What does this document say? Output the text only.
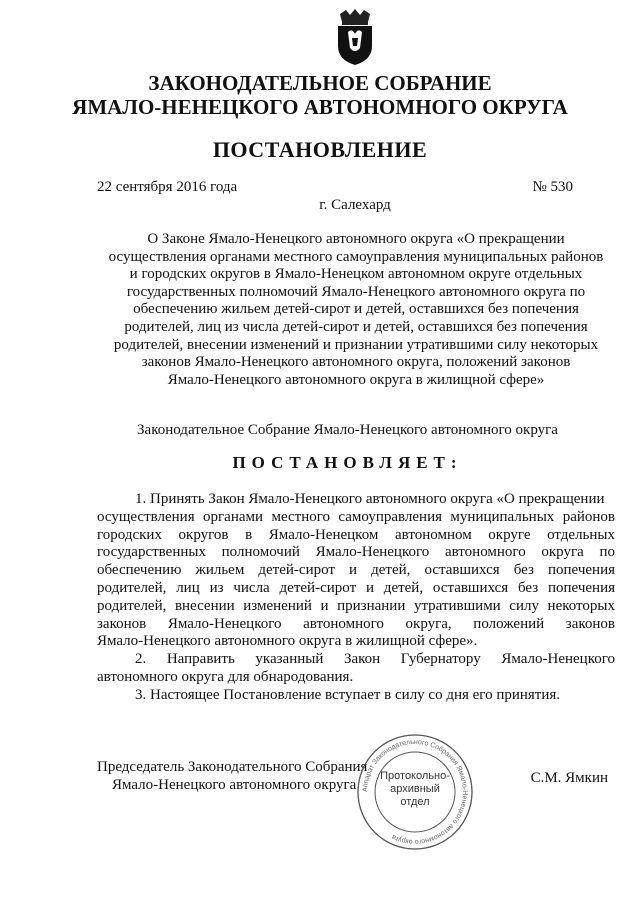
ЗАКОНОДАТЕЛЬНОЕ СОБРАНИЕ
ЯМАЛО-НЕНЕЦКОГО АВТОНОМНОГО ОКРУГА
ПОСТАНОВЛЕНИЕ
22 сентября 2016 года	№ 530
г. Салехард
О Законе Ямало-Ненецкого автономного округа «О прекращении
осуществления органами местного самоуправления муниципальных районов
и городских округов в Ямало-Ненецком автономном округе отдельных
государственных полномочий Ямало-Ненецкого автономного округа по
обеспечению жильем детей-сирот и детей, оставшихся без попечения
родителей, лиц из числа детей-сирот и детей, оставшихся без попечения
родителей, внесении изменений и признании утратившими силу некоторых
законов Ямало-Ненецкого автономного округа, положений законов
Ямало-Ненецкого автономного округа в жилищной сфере»
Законодательное Собрание Ямало-Ненецкого автономного округа
ПОСТАНОВЛЯЕТ:
1. Принять Закон Ямало-Ненецкого автономного округа «О прекращении
осуществления органами местного самоуправления муниципальных районов
городских округов в Ямало-Ненецком автономном округе отдельных
государственных полномочий Ямало-Ненецкого автономного округа по
обеспечению жильем детей-сирот и детей, оставшихся без попечения
родителей, лиц из числа детей-сирот и детей, оставшихся без попечения
родителей, внесении изменений и признании утратившими силу некоторых
законов Ямало-Ненецкого автономного округа, положений законов
Ямало-Ненецкого автономного округа в жилищной сфере».
2. Направить указанный Закон Губернатору Ямало-Ненецкого
автономного округа для обнародования.
3. Настоящее Постановление вступает в силу со дня его принятия.
Председатель Законодательного Собрания
Ямало-Ненецкого автономного округа	С.М. Ямкин
Аппарат Законодательного Собрания Ямало-Ненецкого автономного округа
Протокольно-
архивный
отдел
